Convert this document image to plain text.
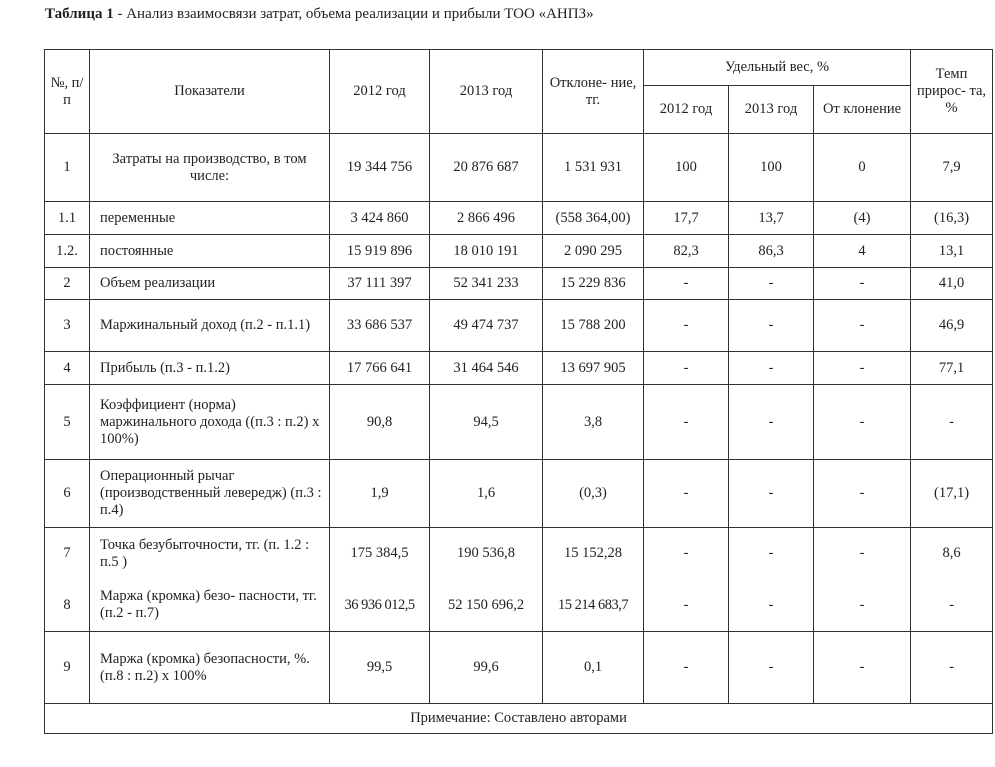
Таблица 1 - Анализ взаимосвязи затрат, объема реализации и прибыли ТОО «АНПЗ»
№, п/п	Показатели	2012 год	2013 год	Отклоне- ние, тг.	Удельный вес, %			Темп прирос- та, %
					2012 год	2013 год	От клонение	
1	Затраты на производство, в том числе:	19 344 756	20 876 687	1 531 931	100	100	0	7,9
1.1	переменные	3 424 860	2 866 496	(558 364,00)	17,7	13,7	(4)	(16,3)
1.2.	постоянные	15 919 896	18 010 191	2 090 295	82,3	86,3	4	13,1
2	Объем реализации	37 111 397	52 341 233	15 229 836	-	-	-	41,0
3	Маржинальный доход (п.2 - п.1.1)	33 686 537	49 474 737	15 788 200	-	-	-	46,9
4	Прибыль (п.3 - п.1.2)	17 766 641	31 464 546	13 697 905	-	-	-	77,1
5	Коэффициент (норма) маржинального дохода ((п.3 : п.2) х 100%)	90,8	94,5	3,8	-	-	-	-
6	Операционный рычаг (производственный левередж) (п.3 : п.4)	1,9	1,6	(0,3)	-	-	-	(17,1)
7	Точка безубыточности, тг. (п. 1.2 : п.5 )	175 384,5	190 536,8	15 152,28	-	-	-	8,6
8	Маржа (кромка) безо- пасности, тг. (п.2 - п.7)	36 936 012,5	52 150 696,2	15 214 683,7	-	-	-	-
9	Маржа (кромка) безопасности, %. (п.8 : п.2) х 100%	99,5	99,6	0,1	-	-	-	-
Примечание: Составлено авторами								
